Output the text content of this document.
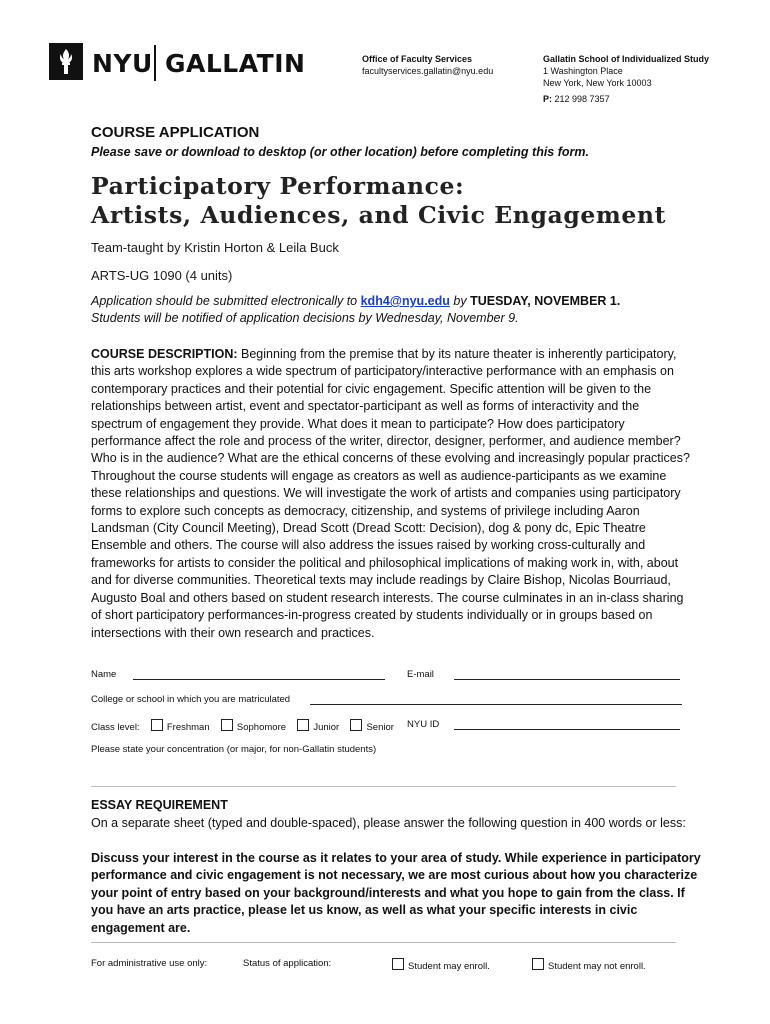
NYU GALLATIN	Office of Faculty Services
facultyservices.gallatin@nyu.edu
Gallatin School of Individualized Study
1 Washington Place
New York, New York 10003
P: 212 998 7357
COURSE APPLICATION
Please save or download to desktop (or other location) before completing this form.
Participatory Performance:
Artists, Audiences, and Civic Engagement
Team-taught by Kristin Horton & Leila Buck
ARTS-UG 1090 (4 units)
Application should be submitted electronically to kdh4@nyu.edu by TUESDAY, NOVEMBER 1.
Students will be notified of application decisions by Wednesday, November 9.
COURSE DESCRIPTION: Beginning from the premise that by its nature theater is inherently participatory, this arts workshop explores a wide spectrum of participatory/interactive performance with an emphasis on contemporary practices and their potential for civic engagement. Specific attention will be given to the relationships between artist, event and spectator-participant as well as forms of interactivity and the spectrum of engagement they provide. What does it mean to participate? How does participatory performance affect the role and process of the writer, director, designer, performer, and audience member? Who is in the audience? What are the ethical concerns of these evolving and increasingly popular practices? Throughout the course students will engage as creators as well as audience-participants as we examine these relationships and questions. We will investigate the work of artists and companies using participatory forms to explore such concepts as democracy, citizenship, and systems of privilege including Aaron Landsman (City Council Meeting), Dread Scott (Dread Scott: Decision), dog & pony dc, Epic Theatre Ensemble and others. The course will also address the issues raised by working cross-culturally and frameworks for artists to consider the political and philosophical implications of making work in, with, about and for diverse communities. Theoretical texts may include readings by Claire Bishop, Nicolas Bourriaud, Augusto Boal and others based on student research interests. The course culminates in an in-class sharing of short participatory performances-in-progress created by students individually or in groups based on intersections with their own research and practices.
Name	E-mail
College or school in which you are matriculated
Class level:	Freshman	Sophomore	Junior	Senior NYU ID
Please state your concentration (or major, for non-Gallatin students)
ESSAY REQUIREMENT
On a separate sheet (typed and double-spaced), please answer the following question in 400 words or less:
Discuss your interest in the course as it relates to your area of study. While experience in participatory performance and civic engagement is not necessary, we are most curious about how you characterize your point of entry based on your background/interests and what you hope to gain from the class. If you have an arts practice, please let us know, as well as what your specific interests in civic engagement are.
For administrative use only:	Status of application:	Student may enroll.	Student may not enroll.
